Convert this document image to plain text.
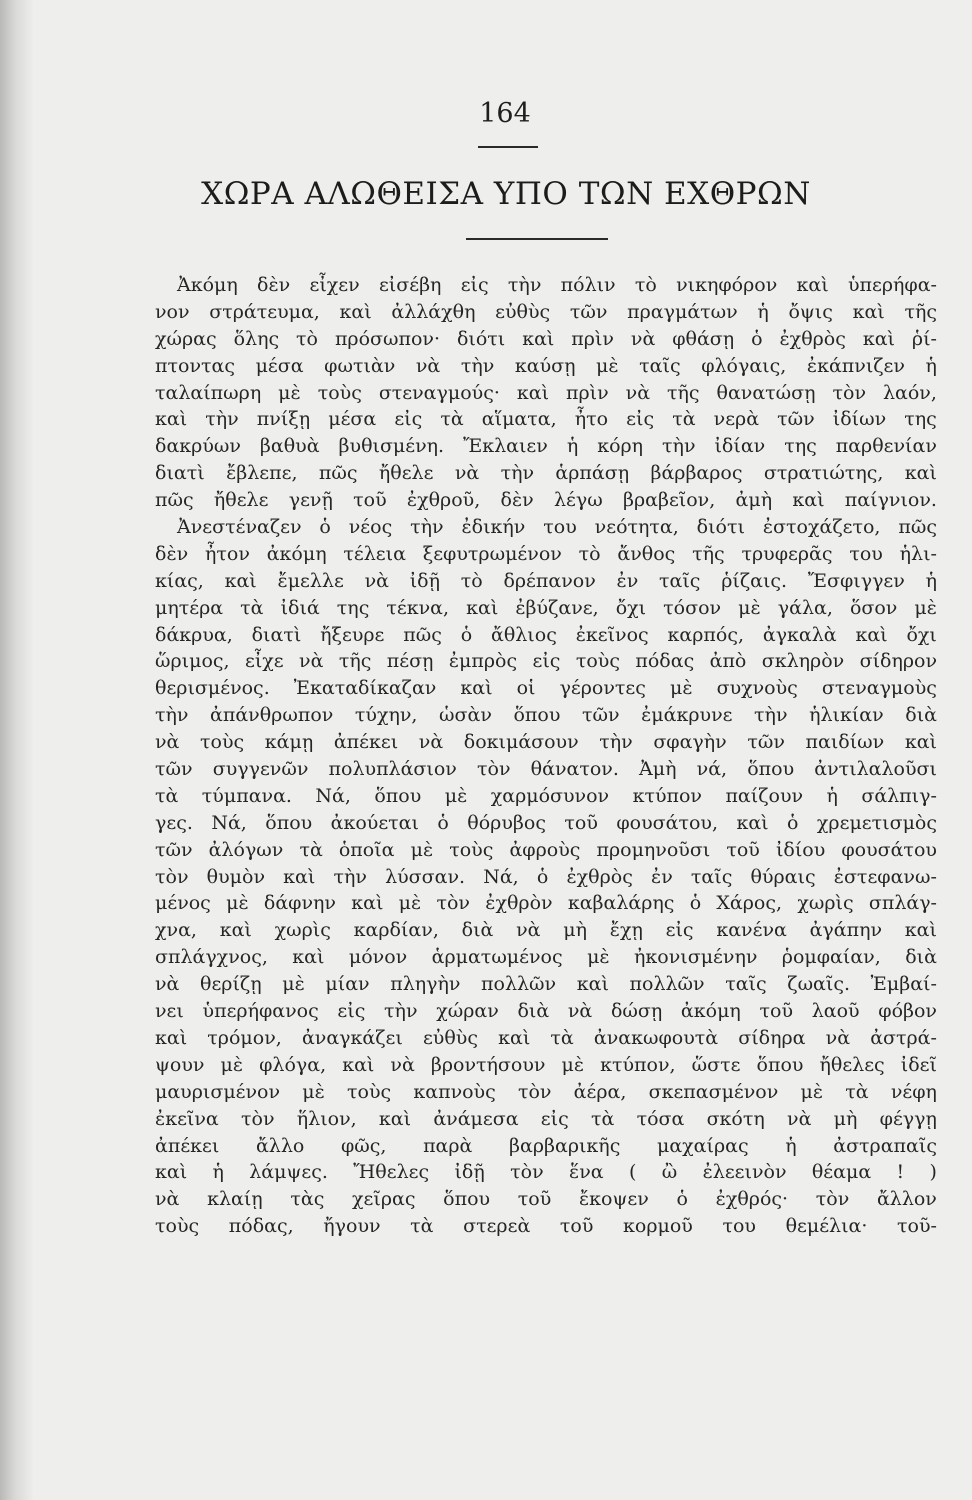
164
ΧΩΡΑ ΑΛΩΘΕΙΣΑ ΥΠΟ ΤΩΝ ΕΧΘΡΩΝ
Ἀκόμη δὲν εἶχεν εἰσέβη εἰς τὴν πόλιν τὸ νικηφόρον καὶ ὑπερήφα-
νον στράτευμα, καὶ ἀλλάχθη εὐθὺς τῶν πραγμάτων ἡ ὄψις καὶ τῆς
χώρας ὅλης τὸ πρόσωπον· διότι καὶ πρὶν νὰ φθάσῃ ὁ ἐχθρὸς καὶ ῥί-
πτοντας μέσα φωτιὰν νὰ τὴν καύσῃ μὲ ταῖς φλόγαις, ἐκάπνιζεν ἡ
ταλαίπωρη μὲ τοὺς στεναγμούς· καὶ πρὶν νὰ τῆς θανατώσῃ τὸν λαόν,
καὶ τὴν πνίξῃ μέσα εἰς τὰ αἵματα, ἦτο εἰς τὰ νερὰ τῶν ἰδίων της
δακρύων βαθυὰ βυθισμένη. Ἔκλαιεν ἡ κόρη τὴν ἰδίαν της παρθενίαν
διατὶ ἔβλεπε, πῶς ἤθελε νὰ τὴν ἁρπάσῃ βάρβαρος στρατιώτης, καὶ
πῶς ἤθελε γενῇ τοῦ ἐχθροῦ, δὲν λέγω βραβεῖον, ἀμὴ καὶ παίγνιον.
Ἀνεστέναζεν ὁ νέος τὴν ἐδικήν του νεότητα, διότι ἐστοχάζετο, πῶς
δὲν ἦτον ἀκόμη τέλεια ξεφυτρωμένον τὸ ἄνθος τῆς τρυφερᾶς του ἡλι-
κίας, καὶ ἔμελλε νὰ ἰδῇ τὸ δρέπανον ἐν ταῖς ῥίζαις. Ἔσφιγγεν ἡ
μητέρα τὰ ἰδιά της τέκνα, καὶ ἐβύζανε, ὄχι τόσον μὲ γάλα, ὅσον μὲ
δάκρυα, διατὶ ἤξευρε πῶς ὁ ἄθλιος ἐκεῖνος καρπός, ἀγκαλὰ καὶ ὄχι
ὥριμος, εἶχε νὰ τῆς πέσῃ ἐμπρὸς εἰς τοὺς πόδας ἀπὸ σκληρὸν σίδηρον
θερισμένος. Ἐκαταδίκαζαν καὶ οἱ γέροντες μὲ συχνοὺς στεναγμοὺς
τὴν ἀπάνθρωπον τύχην, ὡσὰν ὅπου τῶν ἐμάκρυνε τὴν ἡλικίαν διὰ
νὰ τοὺς κάμῃ ἀπέκει νὰ δοκιμάσουν τὴν σφαγὴν τῶν παιδίων καὶ
τῶν συγγενῶν πολυπλάσιον τὸν θάνατον. Ἀμὴ νά, ὅπου ἀντιλαλοῦσι
τὰ τύμπανα. Νά, ὅπου μὲ χαρμόσυνον κτύπον παίζουν ἡ σάλπιγ-
γες. Νά, ὅπου ἀκούεται ὁ θόρυβος τοῦ φουσάτου, καὶ ὁ χρεμετισμὸς
τῶν ἀλόγων τὰ ὁποῖα μὲ τοὺς ἀφροὺς προμηνοῦσι τοῦ ἰδίου φουσάτου
τὸν θυμὸν καὶ τὴν λύσσαν. Νά, ὁ ἐχθρὸς ἐν ταῖς θύραις ἐστεφανω-
μένος μὲ δάφνην καὶ μὲ τὸν ἐχθρὸν καβαλάρης ὁ Χάρος, χωρὶς σπλάγ-
χνα, καὶ χωρὶς καρδίαν, διὰ νὰ μὴ ἔχῃ εἰς κανένα ἀγάπην καὶ
σπλάγχνος, καὶ μόνον ἁρματωμένος μὲ ἠκονισμένην ῥομφαίαν, διὰ
νὰ θερίζῃ μὲ μίαν πληγὴν πολλῶν καὶ πολλῶν ταῖς ζωαῖς. Ἐμβαί-
νει ὑπερήφανος εἰς τὴν χώραν διὰ νὰ δώσῃ ἀκόμη τοῦ λαοῦ φόβον
καὶ τρόμον, ἀναγκάζει εὐθὺς καὶ τὰ ἀνακωφουτὰ σίδηρα νὰ ἀστρά-
ψουν μὲ φλόγα, καὶ νὰ βροντήσουν μὲ κτύπον, ὥστε ὅπου ἤθελες ἰδεῖ
μαυρισμένον μὲ τοὺς καπνοὺς τὸν ἀέρα, σκεπασμένον μὲ τὰ νέφη
ἐκεῖνα τὸν ἥλιον, καὶ ἀνάμεσα εἰς τὰ τόσα σκότη νὰ μὴ φέγγῃ
ἀπέκει ἄλλο φῶς, παρὰ βαρβαρικῆς μαχαίρας ἡ ἀστραπαῖς
καὶ ἡ λάμψες. Ἤθελες ἰδῇ τὸν ἕνα ( ὢ ἐλεεινὸν θέαμα ! )
νὰ κλαίῃ τὰς χεῖρας ὅπου τοῦ ἔκοψεν ὁ ἐχθρός· τὸν ἄλλον
τοὺς πόδας, ἤγουν τὰ στερεὰ τοῦ κορμοῦ του θεμέλια· τοῦ-
